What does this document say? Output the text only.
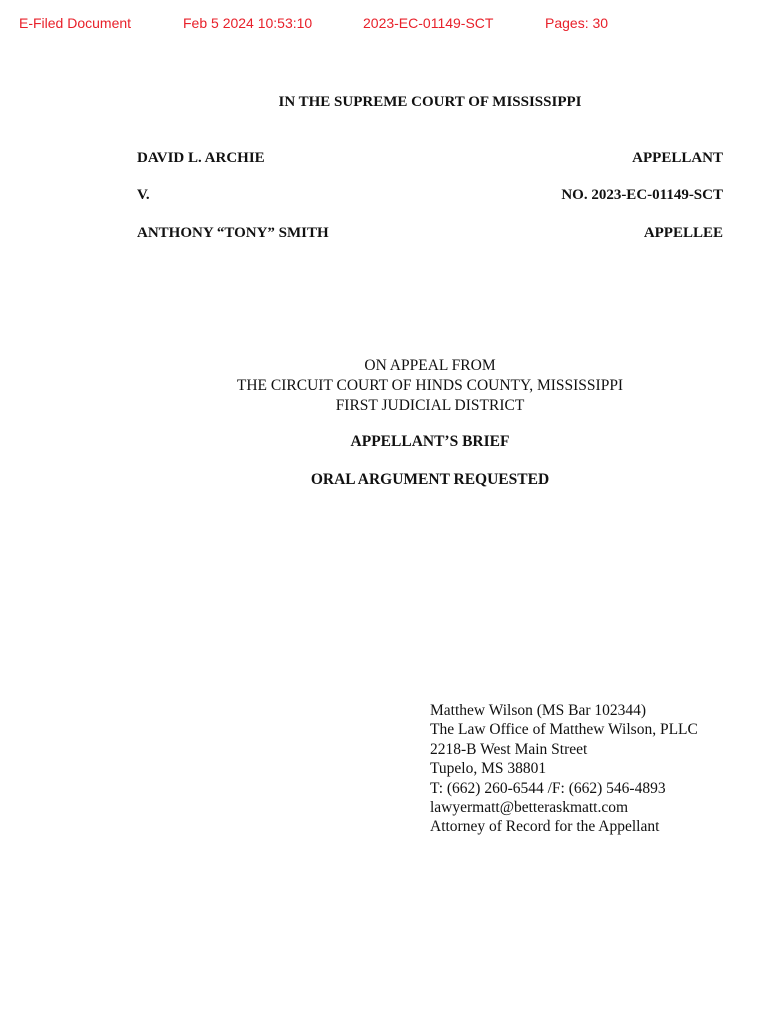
E-Filed Document	Feb 5 2024 10:53:10	2023-EC-01149-SCT	Pages: 30
IN THE SUPREME COURT OF MISSISSIPPI
DAVID L. ARCHIE	APPELLANT
V.	NO. 2023-EC-01149-SCT
ANTHONY “TONY” SMITH	APPELLEE
ON APPEAL FROM
THE CIRCUIT COURT OF HINDS COUNTY, MISSISSIPPI
FIRST JUDICIAL DISTRICT
APPELLANT’S BRIEF
ORAL ARGUMENT REQUESTED
Matthew Wilson (MS Bar 102344)
The Law Office of Matthew Wilson, PLLC
2218-B West Main Street
Tupelo, MS 38801
T: (662) 260-6544 /F: (662) 546-4893
lawyermatt@betteraskmatt.com
Attorney of Record for the Appellant
